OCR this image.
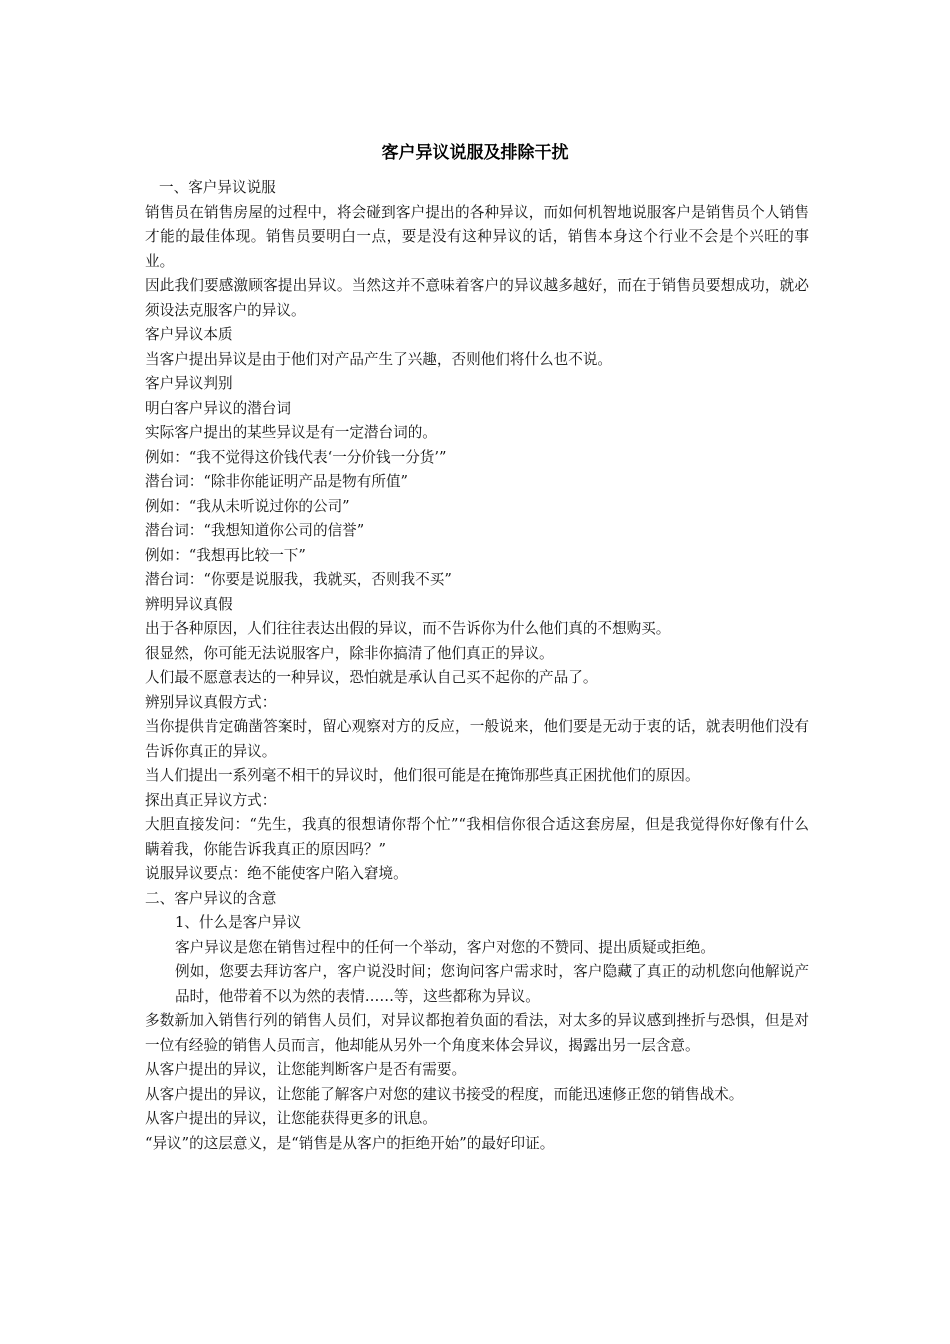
客户异议说服及排除干扰

一、客户异议说服

销售员在销售房屋的过程中，将会碰到客户提出的各种异议，而如何机智地说服客户是销售员个人销售才能的最佳体现。销售员要明白一点，要是没有这种异议的话，销售本身这个行业不会是个兴旺的事业。

因此我们要感激顾客提出异议。当然这并不意味着客户的异议越多越好，而在于销售员要想成功，就必须设法克服客户的异议。

客户异议本质

当客户提出异议是由于他们对产品产生了兴趣，否则他们将什么也不说。

客户异议判别

明白客户异议的潜台词

实际客户提出的某些异议是有一定潜台词的。

例如：“我不觉得这价钱代表‘一分价钱一分货’”

潜台词：“除非你能证明产品是物有所值”

例如：“我从未听说过你的公司”

潜台词：“我想知道你公司的信誉”

例如：“我想再比较一下”

潜台词：“你要是说服我，我就买，否则我不买”

辨明异议真假

出于各种原因，人们往往表达出假的异议，而不告诉你为什么他们真的不想购买。

很显然，你可能无法说服客户，除非你搞清了他们真正的异议。

人们最不愿意表达的一种异议，恐怕就是承认自己买不起你的产品了。

辨别异议真假方式：

当你提供肯定确凿答案时，留心观察对方的反应，一般说来，他们要是无动于衷的话，就表明他们没有告诉你真正的异议。

当人们提出一系列毫不相干的异议时，他们很可能是在掩饰那些真正困扰他们的原因。

探出真正异议方式：

大胆直接发问：“先生，我真的很想请你帮个忙”“我相信你很合适这套房屋，但是我觉得你好像有什么瞒着我，你能告诉我真正的原因吗？”

说服异议要点：绝不能使客户陷入窘境。

二、客户异议的含意

1、什么是客户异议

客户异议是您在销售过程中的任何一个举动，客户对您的不赞同、提出质疑或拒绝。

例如，您要去拜访客户，客户说没时间；您询问客户需求时，客户隐藏了真正的动机您向他解说产品时，他带着不以为然的表情……等，这些都称为异议。

多数新加入销售行列的销售人员们，对异议都抱着负面的看法，对太多的异议感到挫折与恐惧，但是对一位有经验的销售人员而言，他却能从另外一个角度来体会异议，揭露出另一层含意。

从客户提出的异议，让您能判断客户是否有需要。

从客户提出的异议，让您能了解客户对您的建议书接受的程度，而能迅速修正您的销售战术。

从客户提出的异议，让您能获得更多的讯息。

“异议”的这层意义，是“销售是从客户的拒绝开始”的最好印证。
